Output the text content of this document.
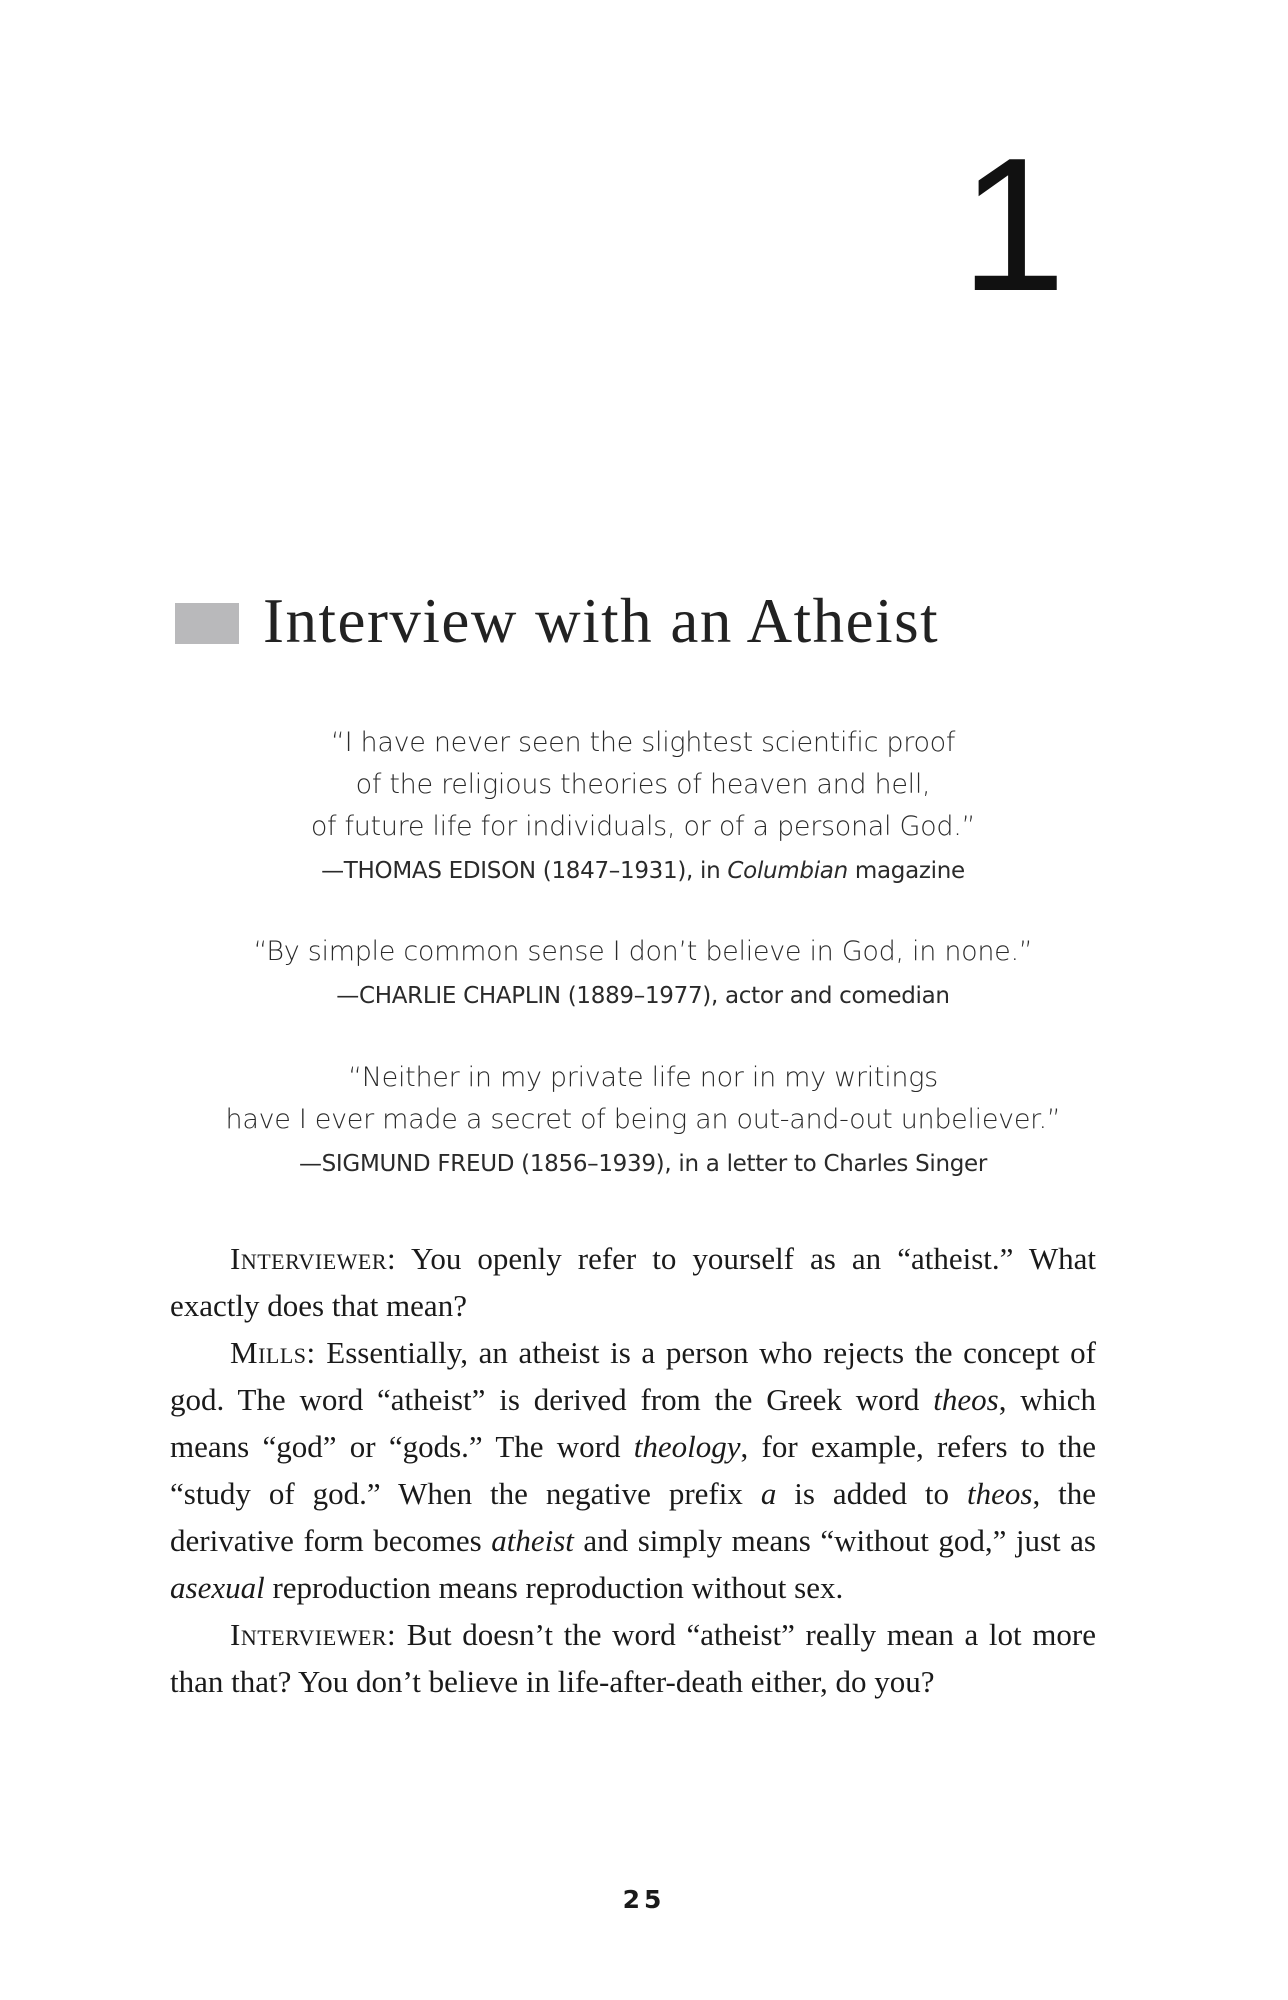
1
Interview with an Atheist
“I have never seen the slightest scientific proof
of the religious theories of heaven and hell,
of future life for individuals, or of a personal God.”
—THOMAS EDISON (1847–1931), in Columbian magazine
“By simple common sense I don’t believe in God, in none.”
—CHARLIE CHAPLIN (1889–1977), actor and comedian
“Neither in my private life nor in my writings
have I ever made a secret of being an out-and-out unbeliever.”
—SIGMUND FREUD (1856–1939), in a letter to Charles Singer

Interviewer: You openly refer to yourself as an “atheist.” What exactly does that mean?

Mills: Essentially, an atheist is a person who rejects the concept of god. The word “atheist” is derived from the Greek word theos, which means “god” or “gods.” The word theology, for example, refers to the “study of god.” When the negative prefix a is added to theos, the derivative form becomes atheist and simply means “without god,” just as asexual reproduction means reproduction without sex.

Interviewer: But doesn’t the word “atheist” really mean a lot more than that? You don’t believe in life-after-death either, do you?

25
